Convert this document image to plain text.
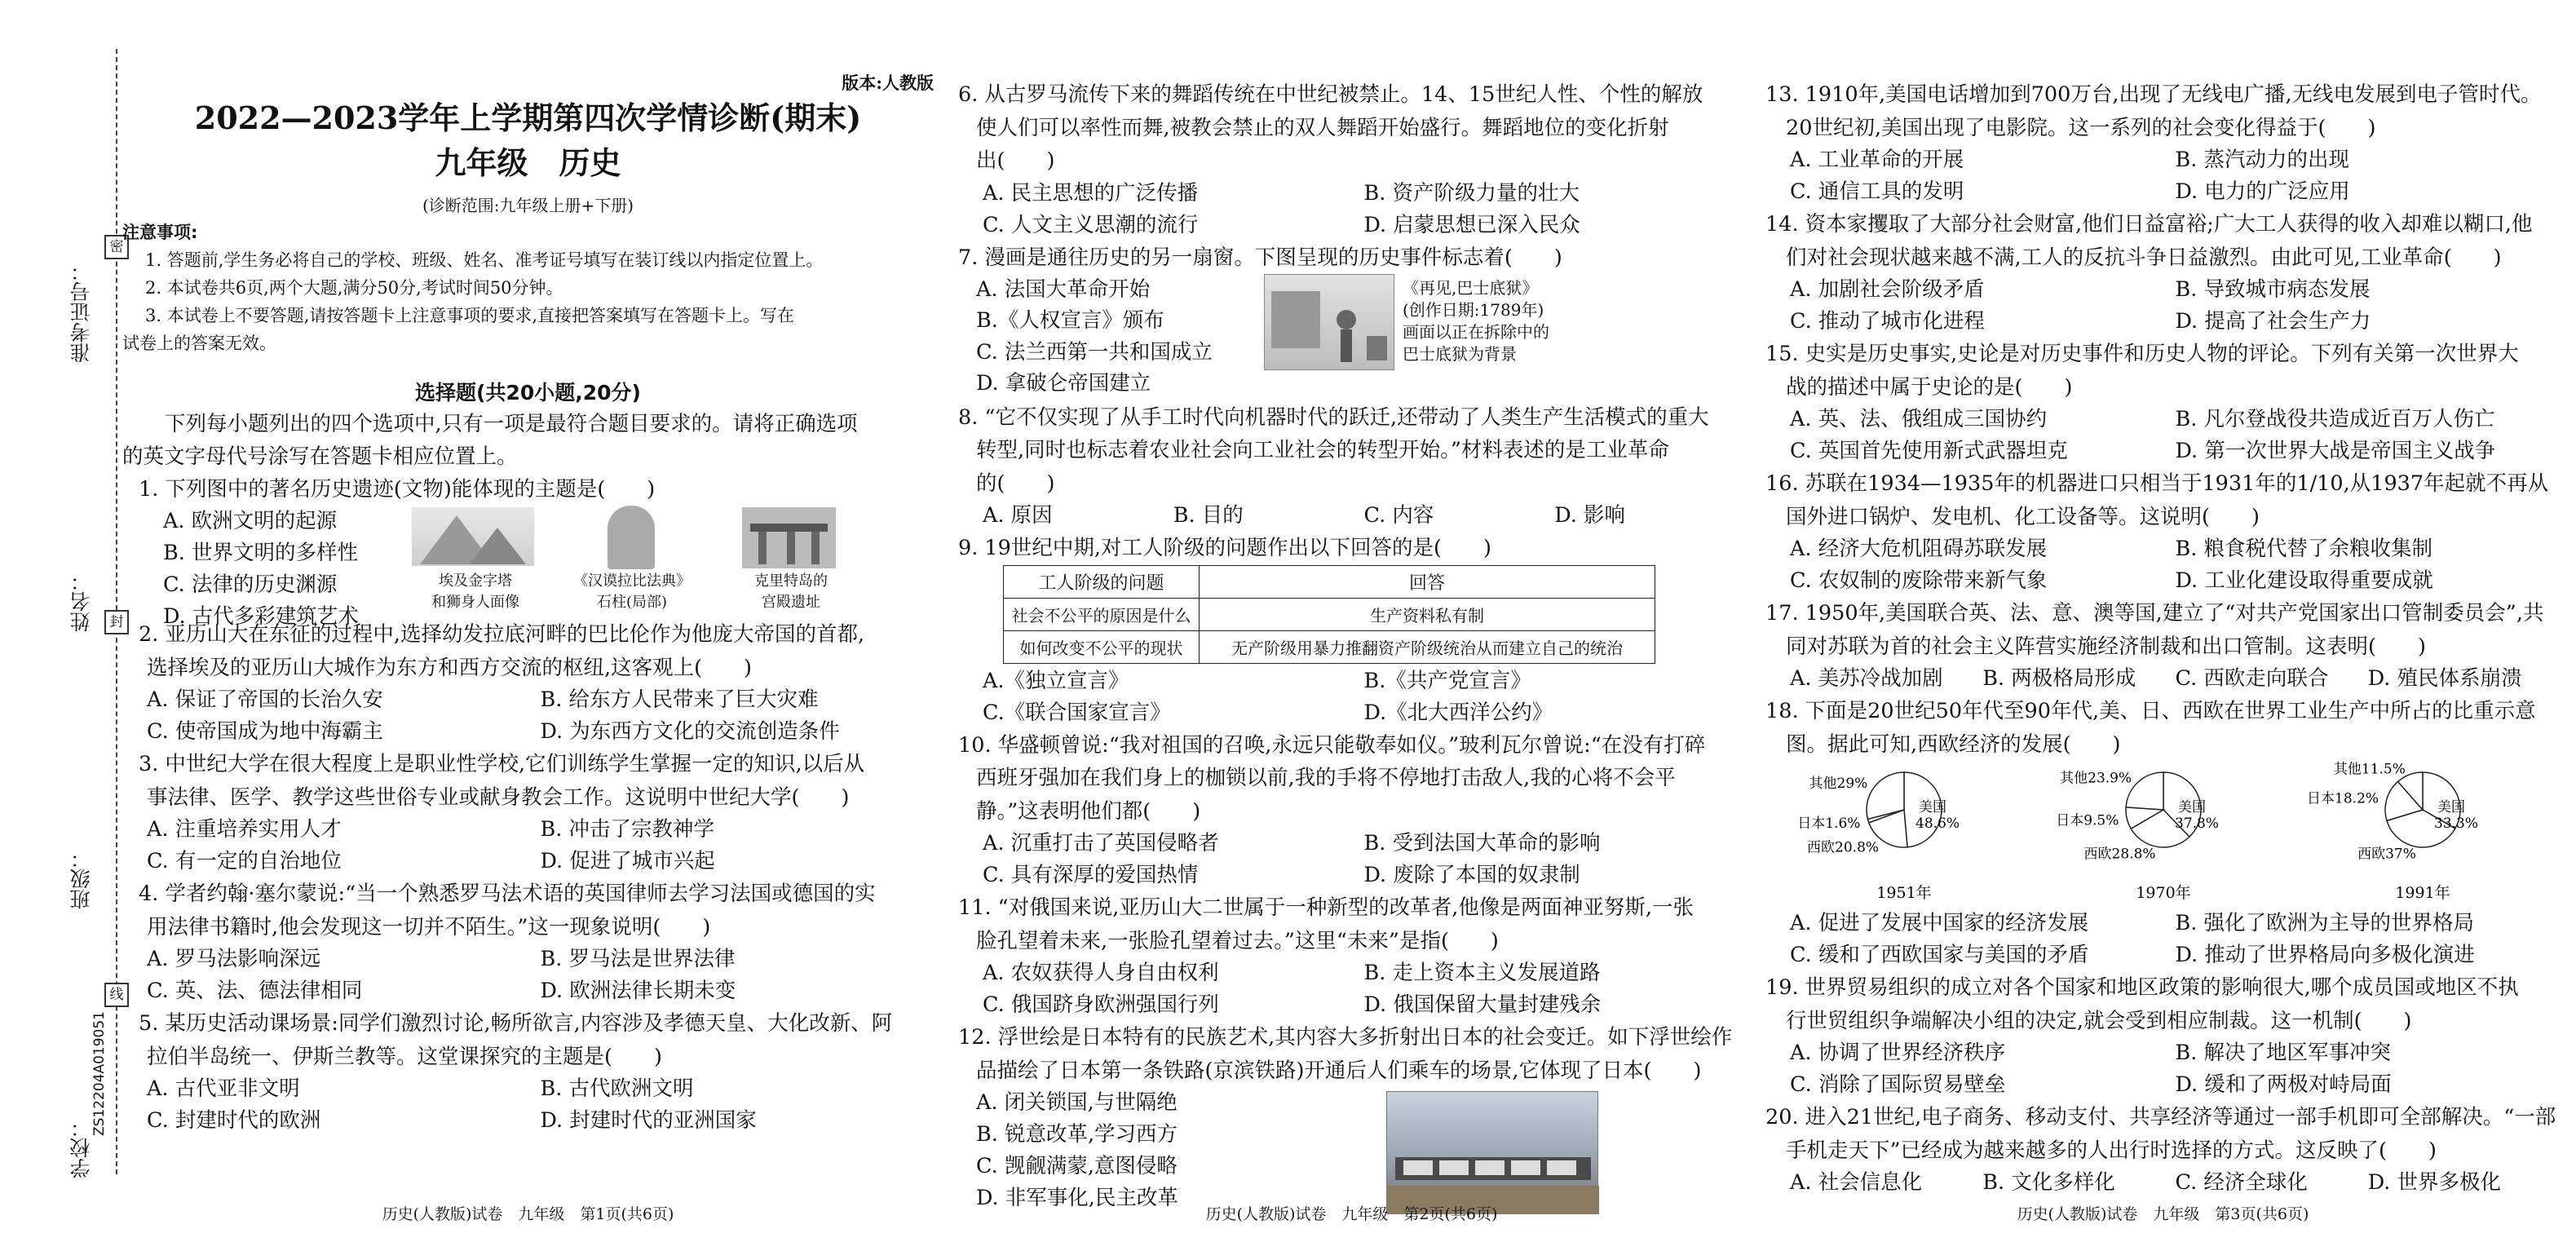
密
封
线
准考证号：
姓名：
班级：
学校：
ZS12204A019051
版本:人教版
2022—2023学年上学期第四次学情诊断(期末)
九年级　历史
(诊断范围:九年级上册+下册)
注意事项:
1. 答题前,学生务必将自己的学校、班级、姓名、准考证号填写在装订线以内指定位置上。
2. 本试卷共6页,两个大题,满分50分,考试时间50分钟。
3. 本试卷上不要答题,请按答题卡上注意事项的要求,直接把答案填写在答题卡上。写在
试卷上的答案无效。
选择题(共20小题,20分)
下列每小题列出的四个选项中,只有一项是最符合题目要求的。请将正确选项
的英文字母代号涂写在答题卡相应位置上。
1. 下列图中的著名历史遗迹(文物)能体现的主题是(　　)
A. 欧洲文明的起源
B. 世界文明的多样性
C. 法律的历史渊源
D. 古代多彩建筑艺术
埃及金字塔
和狮身人面像
《汉谟拉比法典》
石柱(局部)
克里特岛的
宫殿遗址
2. 亚历山大在东征的过程中,选择幼发拉底河畔的巴比伦作为他庞大帝国的首都,
选择埃及的亚历山大城作为东方和西方交流的枢纽,这客观上(　　)
A. 保证了帝国的长治久安	B. 给东方人民带来了巨大灾难
C. 使帝国成为地中海霸主	D. 为东西方文化的交流创造条件
3. 中世纪大学在很大程度上是职业性学校,它们训练学生掌握一定的知识,以后从
事法律、医学、教学这些世俗专业或献身教会工作。这说明中世纪大学(　　)
A. 注重培养实用人才	B. 冲击了宗教神学
C. 有一定的自治地位	D. 促进了城市兴起
4. 学者约翰·塞尔蒙说:“当一个熟悉罗马法术语的英国律师去学习法国或德国的实
用法律书籍时,他会发现这一切并不陌生。”这一现象说明(　　)
A. 罗马法影响深远	B. 罗马法是世界法律
C. 英、法、德法律相同	D. 欧洲法律长期未变
5. 某历史活动课场景:同学们激烈讨论,畅所欲言,内容涉及孝德天皇、大化改新、阿
拉伯半岛统一、伊斯兰教等。这堂课探究的主题是(　　)
A. 古代亚非文明	B. 古代欧洲文明
C. 封建时代的欧洲	D. 封建时代的亚洲国家
历史(人教版)试卷　九年级　第1页(共6页)
6. 从古罗马流传下来的舞蹈传统在中世纪被禁止。14、15世纪人性、个性的解放
使人们可以率性而舞,被教会禁止的双人舞蹈开始盛行。舞蹈地位的变化折射
出(　　)
A. 民主思想的广泛传播	B. 资产阶级力量的壮大
C. 人文主义思潮的流行	D. 启蒙思想已深入民众
7. 漫画是通往历史的另一扇窗。下图呈现的历史事件标志着(　　)
A. 法国大革命开始
B.《人权宣言》颁布
C. 法兰西第一共和国成立
D. 拿破仑帝国建立
《再见,巴士底狱》
(创作日期:1789年)
画面以正在拆除中的
巴士底狱为背景
8. “它不仅实现了从手工时代向机器时代的跃迁,还带动了人类生产生活模式的重大
转型,同时也标志着农业社会向工业社会的转型开始。”材料表述的是工业革命
的(　　)
A. 原因	B. 目的	C. 内容	D. 影响
9. 19世纪中期,对工人阶级的问题作出以下回答的是(　　)
工人阶级的问题	回答
社会不公平的原因是什么	生产资料私有制
如何改变不公平的现状	无产阶级用暴力推翻资产阶级统治从而建立自己的统治
A.《独立宣言》	B.《共产党宣言》
C.《联合国家宣言》	D.《北大西洋公约》
10. 华盛顿曾说:“我对祖国的召唤,永远只能敬奉如仪。”玻利瓦尔曾说:“在没有打碎
西班牙强加在我们身上的枷锁以前,我的手将不停地打击敌人,我的心将不会平
静。”这表明他们都(　　)
A. 沉重打击了英国侵略者	B. 受到法国大革命的影响
C. 具有深厚的爱国热情	D. 废除了本国的奴隶制
11. “对俄国来说,亚历山大二世属于一种新型的改革者,他像是两面神亚努斯,一张
脸孔望着未来,一张脸孔望着过去。”这里“未来”是指(　　)
A. 农奴获得人身自由权利	B. 走上资本主义发展道路
C. 俄国跻身欧洲强国行列	D. 俄国保留大量封建残余
12. 浮世绘是日本特有的民族艺术,其内容大多折射出日本的社会变迁。如下浮世绘作
品描绘了日本第一条铁路(京滨铁路)开通后人们乘车的场景,它体现了日本(　　)
A. 闭关锁国,与世隔绝
B. 锐意改革,学习西方
C. 觊觎满蒙,意图侵略
D. 非军事化,民主改革
历史(人教版)试卷　九年级　第2页(共6页)
13. 1910年,美国电话增加到700万台,出现了无线电广播,无线电发展到电子管时代。
20世纪初,美国出现了电影院。这一系列的社会变化得益于(　　)
A. 工业革命的开展	B. 蒸汽动力的出现
C. 通信工具的发明	D. 电力的广泛应用
14. 资本家攫取了大部分社会财富,他们日益富裕;广大工人获得的收入却难以糊口,他
们对社会现状越来越不满,工人的反抗斗争日益激烈。由此可见,工业革命(　　)
A. 加剧社会阶级矛盾	B. 导致城市病态发展
C. 推动了城市化进程	D. 提高了社会生产力
15. 史实是历史事实,史论是对历史事件和历史人物的评论。下列有关第一次世界大
战的描述中属于史论的是(　　)
A. 英、法、俄组成三国协约	B. 凡尔登战役共造成近百万人伤亡
C. 英国首先使用新式武器坦克	D. 第一次世界大战是帝国主义战争
16. 苏联在1934—1935年的机器进口只相当于1931年的1/10,从1937年起就不再从
国外进口锅炉、发电机、化工设备等。这说明(　　)
A. 经济大危机阻碍苏联发展	B. 粮食税代替了余粮收集制
C. 农奴制的废除带来新气象	D. 工业化建设取得重要成就
17. 1950年,美国联合英、法、意、澳等国,建立了“对共产党国家出口管制委员会”,共
同对苏联为首的社会主义阵营实施经济制裁和出口管制。这表明(　　)
A. 美苏冷战加剧	B. 两极格局形成	C. 西欧走向联合	D. 殖民体系崩溃
18. 下面是20世纪50年代至90年代,美、日、西欧在世界工业生产中所占的比重示意
图。据此可知,西欧经济的发展(　　)
美国 48.6%
日本1.6%
西欧20.8%
其他29%
1951年
美国 37.8%
日本9.5%
西欧28.8%
其他23.9%
1970年
美国 33.3%
日本18.2%
西欧37%
其他11.5%
1991年
A. 促进了发展中国家的经济发展	B. 强化了欧洲为主导的世界格局
C. 缓和了西欧国家与美国的矛盾	D. 推动了世界格局向多极化演进
19. 世界贸易组织的成立对各个国家和地区政策的影响很大,哪个成员国或地区不执
行世贸组织争端解决小组的决定,就会受到相应制裁。这一机制(　　)
A. 协调了世界经济秩序	B. 解决了地区军事冲突
C. 消除了国际贸易壁垒	D. 缓和了两极对峙局面
20. 进入21世纪,电子商务、移动支付、共享经济等通过一部手机即可全部解决。“一部
手机走天下”已经成为越来越多的人出行时选择的方式。这反映了(　　)
A. 社会信息化	B. 文化多样化	C. 经济全球化	D. 世界多极化
历史(人教版)试卷　九年级　第3页(共6页)
